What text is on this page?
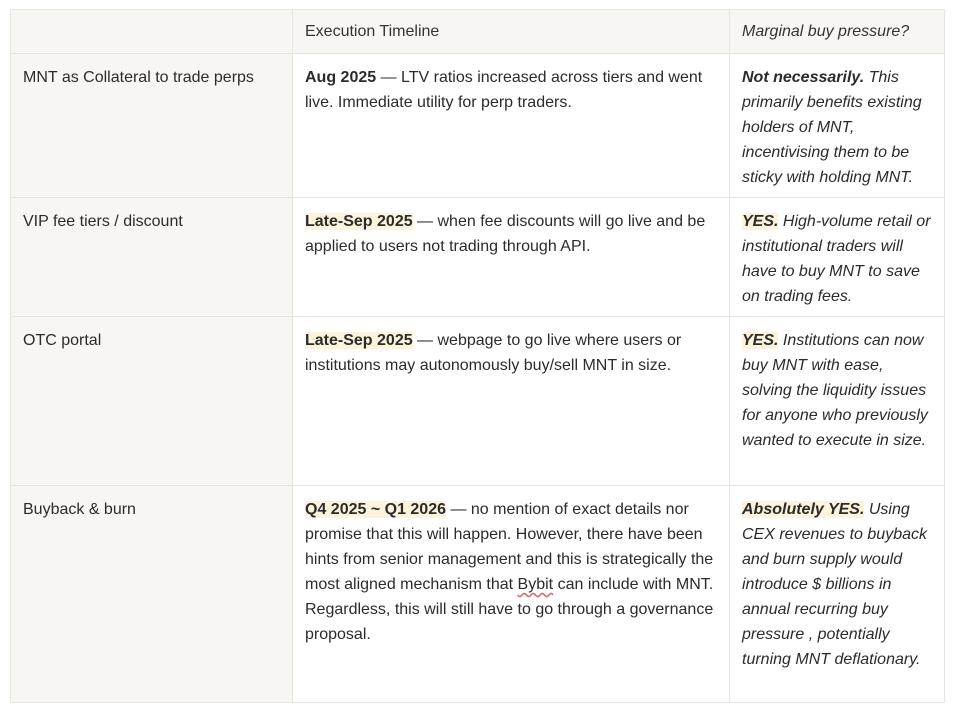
	Execution Timeline	Marginal buy pressure?
MNT as Collateral to trade perps	Aug 2025 — LTV ratios increased across tiers and went live. Immediate utility for perp traders.	Not necessarily. This primarily benefits existing holders of MNT, incentivising them to be sticky with holding MNT.
VIP fee tiers / discount	Late-Sep 2025 — when fee discounts will go live and be applied to users not trading through API.	YES. High-volume retail or institutional traders will have to buy MNT to save on trading fees.
OTC portal	Late-Sep 2025 — webpage to go live where users or institutions may autonomously buy/sell MNT in size.	YES. Institutions can now buy MNT with ease, solving the liquidity issues for anyone who previously wanted to execute in size.
Buyback & burn	Q4 2025 ~ Q1 2026 — no mention of exact details nor promise that this will happen. However, there have been hints from senior management and this is strategically the most aligned mechanism that Bybit can include with MNT. Regardless, this will still have to go through a governance proposal.	Absolutely YES. Using CEX revenues to buyback and burn supply would introduce $ billions in annual recurring buy pressure , potentially turning MNT deflationary.
